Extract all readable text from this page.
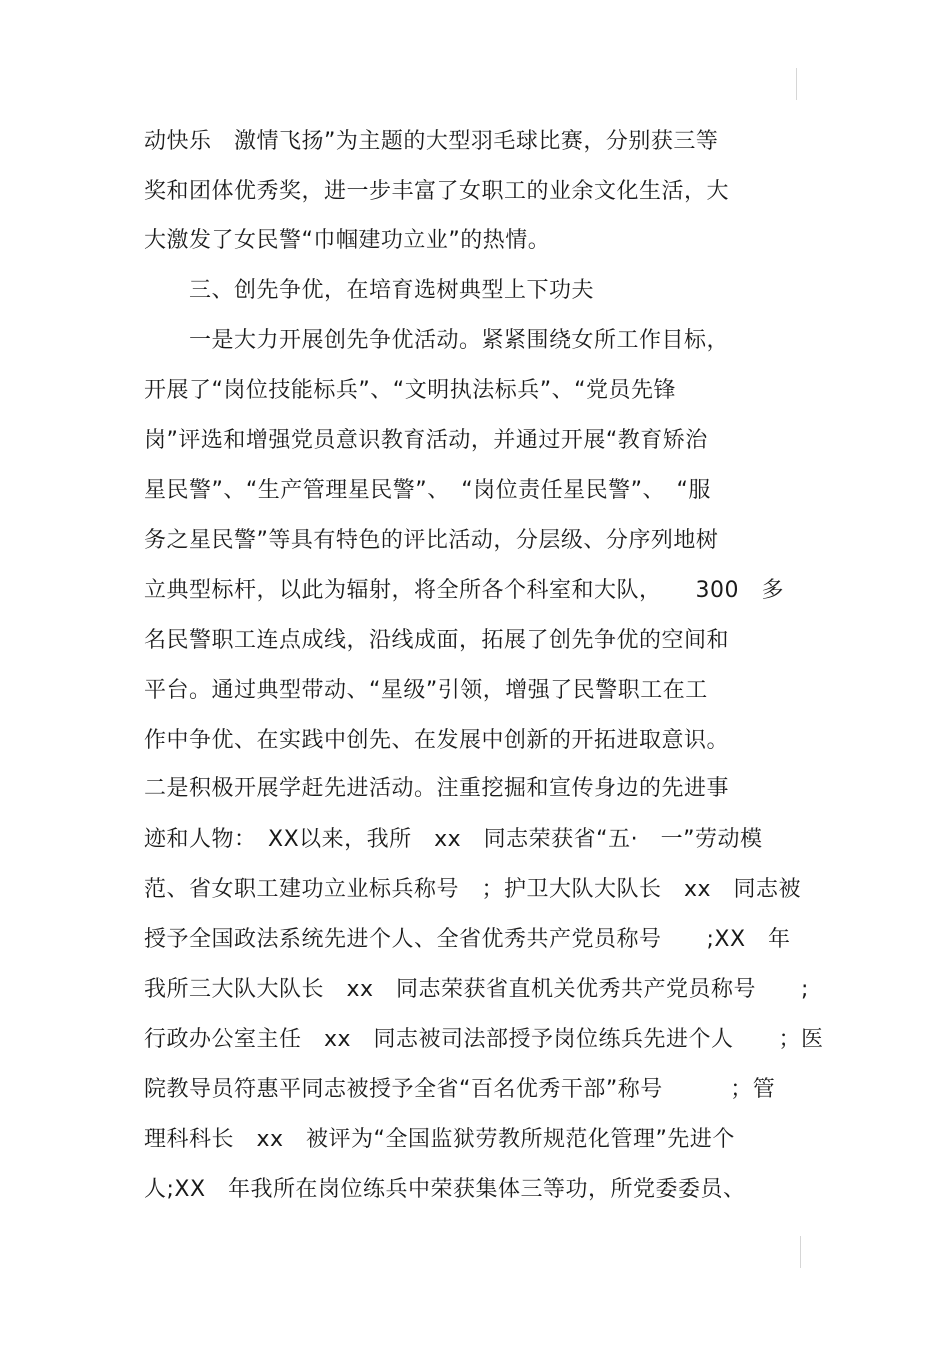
动快乐　激情飞扬”为主题的大型羽毛球比赛，分别获三等
奖和团体优秀奖，进一步丰富了女职工的业余文化生活，大
大激发了女民警“巾帼建功立业”的热情。
　　三、创先争优，在培育选树典型上下功夫
　　一是大力开展创先争优活动。紧紧围绕女所工作目标，
开展了“岗位技能标兵”、“文明执法标兵”、“党员先锋
岗”评选和增强党员意识教育活动，并通过开展“教育矫治
星民警”、“生产管理星民警”、　“岗位责任星民警”、　“服
务之星民警”等具有特色的评比活动，分层级、分序列地树
立典型标杆，以此为辐射，将全所各个科室和大队，　　300　多
名民警职工连点成线，沿线成面，拓展了创先争优的空间和
平台。通过典型带动、“星级”引领，增强了民警职工在工
作中争优、在实践中创先、在发展中创新的开拓进取意识。
二是积极开展学赶先进活动。注重挖掘和宣传身边的先进事
迹和人物：　XX以来，我所　xx　同志荣获省“五·　一”劳动模
范、省女职工建功立业标兵称号　；护卫大队大队长　xx　同志被
授予全国政法系统先进个人、全省优秀共产党员称号　　;XX　年
我所三大队大队长　xx　同志荣获省直机关优秀共产党员称号　　;
行政办公室主任　xx　同志被司法部授予岗位练兵先进个人　　；医
院教导员符惠平同志被授予全省“百名优秀干部”称号　　　；管
理科科长　xx　被评为“全国监狱劳教所规范化管理”先进个
人;XX　年我所在岗位练兵中荣获集体三等功，所党委委员、
